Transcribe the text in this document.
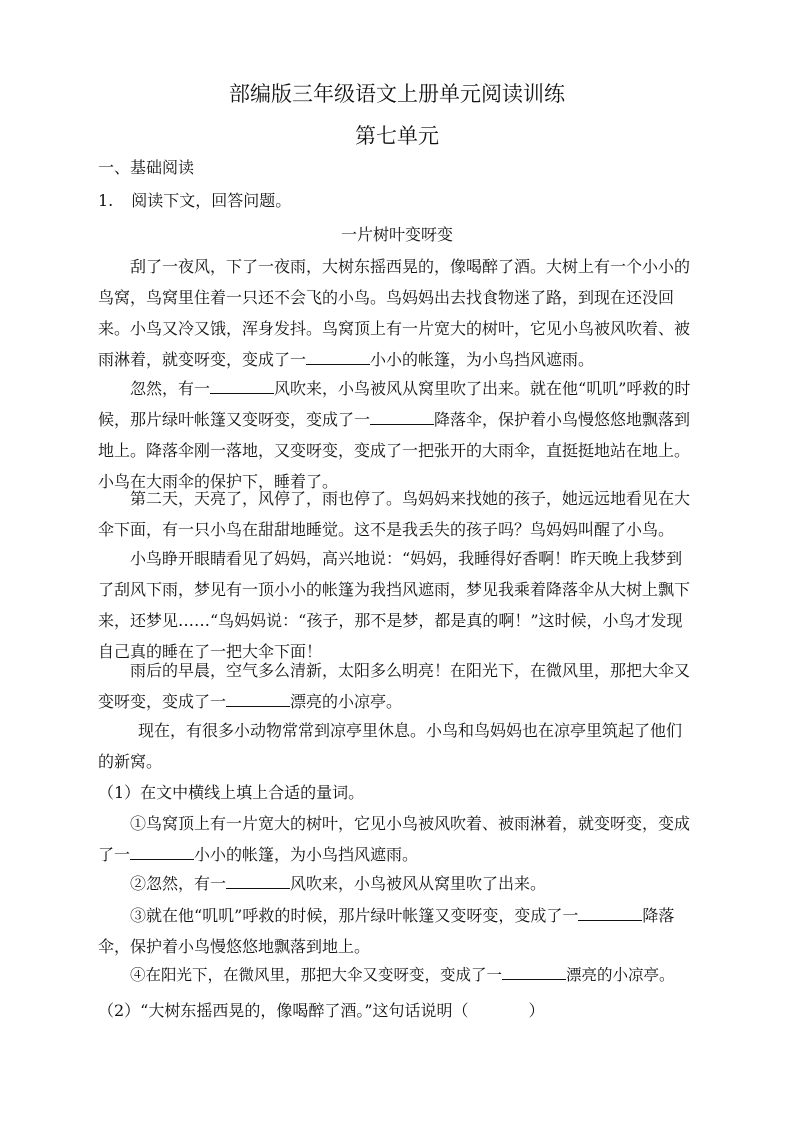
部编版三年级语文上册单元阅读训练
第七单元
一、基础阅读
1. 阅读下文，回答问题。
一片树叶变呀变
刮了一夜风，下了一夜雨，大树东摇西晃的，像喝醉了酒。大树上有一个小小的鸟窝，鸟窝里住着一只还不会飞的小鸟。鸟妈妈出去找食物迷了路，到现在还没回来。 小鸟又冷又饿，浑身发抖。鸟窝顶上有一片宽大的树叶，它见小鸟被风吹着、被雨淋着，就变呀变，变成了一	小小的帐篷，为小鸟挡风遮雨。
忽然，有一	风吹来，小鸟被风从窝里吹了出来。就在他“叽叽”呼救的时候，那片绿叶帐篷又变呀变，变成了一	降落伞，保护着小鸟慢悠悠地飘落到地上。降落伞刚一落地，又变呀变，变成了一把张开的大雨伞，直挺挺地站在地上。小鸟在大雨伞的保护下，睡着了。
第二天，天亮了，风停了，雨也停了。鸟妈妈来找她的孩子，她远远地看见在大伞下面，有一只小鸟在甜甜地睡觉。这不是我丢失的孩子吗？鸟妈妈叫醒了小鸟。
小鸟睁开眼睛看见了妈妈，高兴地说：“妈妈，我睡得好香啊！昨天晚上我梦到了刮风下雨，梦见有一顶小小的帐篷为我挡风遮雨，梦见我乘着降落伞从大树上飘下来，还梦见……“鸟妈妈说：“孩子，那不是梦，都是真的啊！”这时候，小鸟才发现自己真的睡在了一把大伞下面！
雨后的早晨，空气多么清新，太阳多么明亮！在阳光下，在微风里，那把大伞又变呀变，变成了一	漂亮的小凉亭。
现在，有很多小动物常常到凉亭里休息。小鸟和鸟妈妈也在凉亭里筑起了他们的新窝。
（1）在文中横线上填上合适的量词。
①鸟窝顶上有一片宽大的树叶，它见小鸟被风吹着、被雨淋着，就变呀变，变成了一	小小的帐篷，为小鸟挡风遮雨。
②忽然，有一	风吹来，小鸟被风从窝里吹了出来。
③就在他“叽叽”呼救的时候，那片绿叶帐篷又变呀变，变成了一	降落伞，保护着小鸟慢悠悠地飘落到地上。
④在阳光下，在微风里，那把大伞又变呀变，变成了一	漂亮的小凉亭。
（2）“大树东摇西晃的，像喝醉了酒。”这句话说明（	）
